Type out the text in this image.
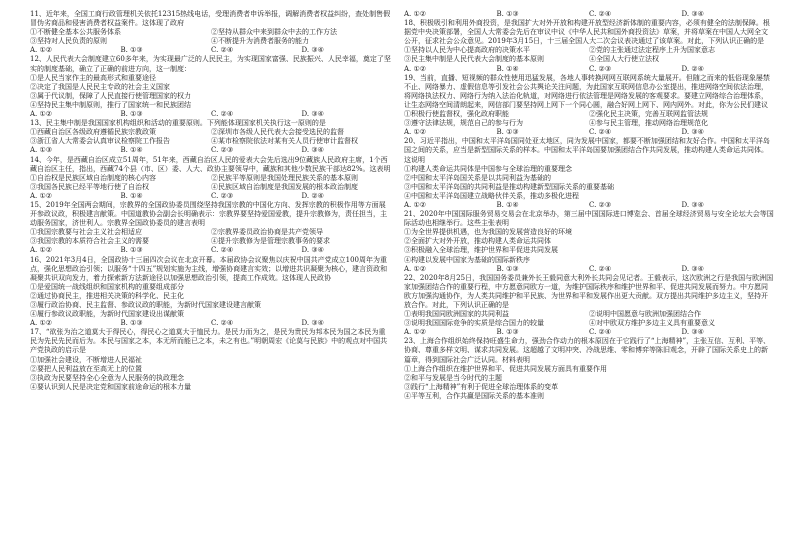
11、近年来，全国工商行政管理机关依托12315热线电话，受理消费者申诉举报，调解消费者权益纠纷，查处制售假冒伪劣商品和侵害消费者权益案件。这体现了政府

①不断健全基本公共服务体系	②坚持从群众中来到群众中去的工作方法
③坚持对人民负责的原则	④不断提升为消费者服务的能力
A. ①②	B. ①③	C. ②④	D. ③④

12、人民代表大会制度建立60多年来，为实现最广泛的人民民主，为实现国家富强、民族振兴、人民幸福，奠定了坚实的制度基础，确立了正确的前进方向，这一制度：

①是人民当家作主的最高形式和重要途径
②决定了我国是人民民主专政的社会主义国家
③属于代议制，保障了人民直接行使管理国家的权力
④坚持民主集中制原则，推行了国家统一和民族团结
A. ①②	B. ①③	C. ②④	D. ③④

13、民主集中制是我国国家机构组织和活动的重要原则。下列能体现国家机关执行这一原则的是

①西藏自治区各级政府遵循民族宗教政策	②深圳市各级人民代表大会接受选民的监督
③浙江省人大常委会认真审议检察院工作报告	④某市检察院依法对某有关人员行使审计监督权
A. ①③	B. ①④	C. ②③	D. ③④

14、今年，是西藏自治区成立51周年，51年来，西藏自治区人民的爱表大会先后选出9位藏族人民政府主席，1个西藏自治区主任，指出，西藏74个县（市、区）委、人大、政协主要领导中，藏族和其他少数民族干部达82%。这表明

①自治权是民族区域自治制度的核心内容	②民族平等原则是我国处理民族关系的基本原则
③我国各民族已经平等地行使了自治权	④民族区域自治制度是我国发展的根本政治制度
A. ①②	B. ①④	C. ②③	D. ②④

15、2019年全国两会期间，宗教界的全国政协委员围绕坚持我国宗教的中国化方向、发挥宗教的积极作用等方面展开参政议政，积极建言献策。中国道教协会副会长明确表示：宗教界要坚持爱国爱教，提升宗教修为，责任担当，主动服务国家，济世利人。宗教界全国政协委员的建言表明

①我国宗教要与社会主义社会相适应	②宗教界委员政治协商是共产党领导
③我国宗教的本质符合社会主义的需要	④提升宗教修为是管理宗教事务的要求
A. ①②	B. ①③	C. ②④	D. ③④

16、2021年3月4日，全国政协十三届四次会议在北京开幕。本届政协会议聚焦以庆祝中国共产党成立100周年为重点，强化思想政治引领；以服务“十四五”规划实施为主线，增强协商建言实效；以增进共识凝聚为核心，建言资政和凝聚共识双向发力，着力探索新方法新途径以加强思想政治引领，提高工作成效。这体现人民政协

①是爱国统一战线组织和国家机构的重要组成部分
②通过协商民主，推进相关决策的科学化、民主化
③履行政治协商、民主监督、参政议政的职能，为新时代国家建设建言献策
④履行参政议政职能，为新时代国家建设出谋献策
A. ①②	B. ①③	C. ②④	D. ③④

17、“欲张为治之道莫大于得民心，得民心之道莫大于恤民力。是民力而为之，是民为贵民为邦本民为国之本民为重民为先民先民而后为。本民与国家之本，本无所而能已之本，未之有也。”明朝周宏《论莫与民族》中的观点对中国共产党执政的启示是

①加强社会建设，不断增进人民福祉
②要把人民利益放在至高无上的位置
③执政为民要坚持全心全意为人民服务的执政理念
④要认识到人民是决定党和国家前途命运的根本力量
A. ①②	B. ①③	C. ②④	D. ③④

18、积极吸引和利用外商投资，是我国扩大对外开放和构建开放型经济新体制的重要内容，必须有健全的法制保障。根据党中央决策部署，全国人大常委会先后在审议中议《中华人民共和国外商投资法》草案，并将草案在中国人大网全文公开，征求社会公众意见。2019年3月15日，十三届全国人大二次会议表决通过了该草案。对此，下列认识正确的是

①坚持以人民为中心提高政府的决策水平	②党的主张通过法定程序上升为国家意志
③民主集中制是人民代表大会制度的基本原则	④全国人大行使立法权
A. ①②	B. ①④	C. ②③	D. ②④

19、当前，直播、短视频的群众性使用迅猛发展，各地人事转换网网互联网系统大量展开。但随之而来的低俗现象屡禁不止、网络暴力、虚假信息等引发社会公共舆论关注问题，为此国家互联网信息办公室提出，推进网络空间依法治理，将网络执法权力、网络行为纳入法治化轨道，对网络进行依法管理是网络发展的客观要求。要建立网络综合治理体系，让生态网络空间清朗起来，网信部门要坚持网上网下一个同心圆，融合好网上网下、网内网外。对此，你为公民们建议

①积极行使监督权，强化政府职能	②强化民主决策，完善互联网监管法规
③遵守法律法规，规范自己的参与行为	④参与民主管理，推动网络治理规范化
A. ①②	B. ①③	C. ②④	D. ③④

20、习近平指出，中国和太平洋岛国同处亚太地区，同为发展中国家，都要不断加强团结和友好合作。中国和太平洋岛国之间的关系，应当是新型国际关系的样本。中国和太平洋岛国要加强团结合作共同发展，推动构建人类命运共同体。这说明

①构建人类命运共同体是中国参与全球治理的重要理念
②中国和太平洋岛国关系是以共同利益为基础的
③中国和太平洋岛国的共同利益是推动构建新型国际关系的重要基础
④中国和太平洋岛国建立战略伙伴关系，推动多极化进程
A. ①②	B. ①④	C. ②③	D. ③④

21、2020年中国国际服务贸易交易会在北京举办，第三届中国国际进口博览会、首届全球经济贸易与安全论坛大会等国际活动也相继举行。这些主张表明

①为全世界提供机遇，也为我国的发展营造良好的环境
②全面扩大对外开放，推动构建人类命运共同体
③积极融入全球治理，维护世界和平促进共同发展
④构建以发展中国家为基础的国际新秩序
A. ①②	B. ①③	C. ②④	D. ③④

22、2020年8月25日，我国国务委员兼外长王毅同意大利外长共同会见记者。王毅表示，这次欧洲之行是我国与欧洲国家加强团结合作的重要行程，中方愿意同欧方一道，为维护国际秩序和维护世界和平、促进共同发展而努力。中方愿同欧方加强沟通协作，为人类共同维护和平民族、为世界和平和发展作出更大贡献。双方提出共同维护多边主义，坚持开放合作。对此，下列认识正确的是

①表明我国同欧洲国家的共同利益	②说明中国愿意与欧洲加强团结合作
③说明我国国际竞争的实质是综合国力的较量	④对中欧双方维护多边主义具有重要意义
A. ①②	B. ①③	C. ②④	D. ③④

23、上海合作组织始终保持旺盛生命力，强劲合作动力的根本原因在于它践行了“上海精神”，主张互信、互利、平等、协商、尊重多样文明、谋求共同发展。这超越了文明冲突、冷战思维、零和博弈等陈旧观念，开辟了国际关系史上的新篇章，得到国际社会广泛认同。材料表明

①上海合作组织在维护世界和平、促进共同发展方面具有重要作用
②和平与发展是当今时代的主题
③践行“上海精神”有利于促进全球治理体系的变革
④平等互利，合作共赢是国际关系的基本准则
